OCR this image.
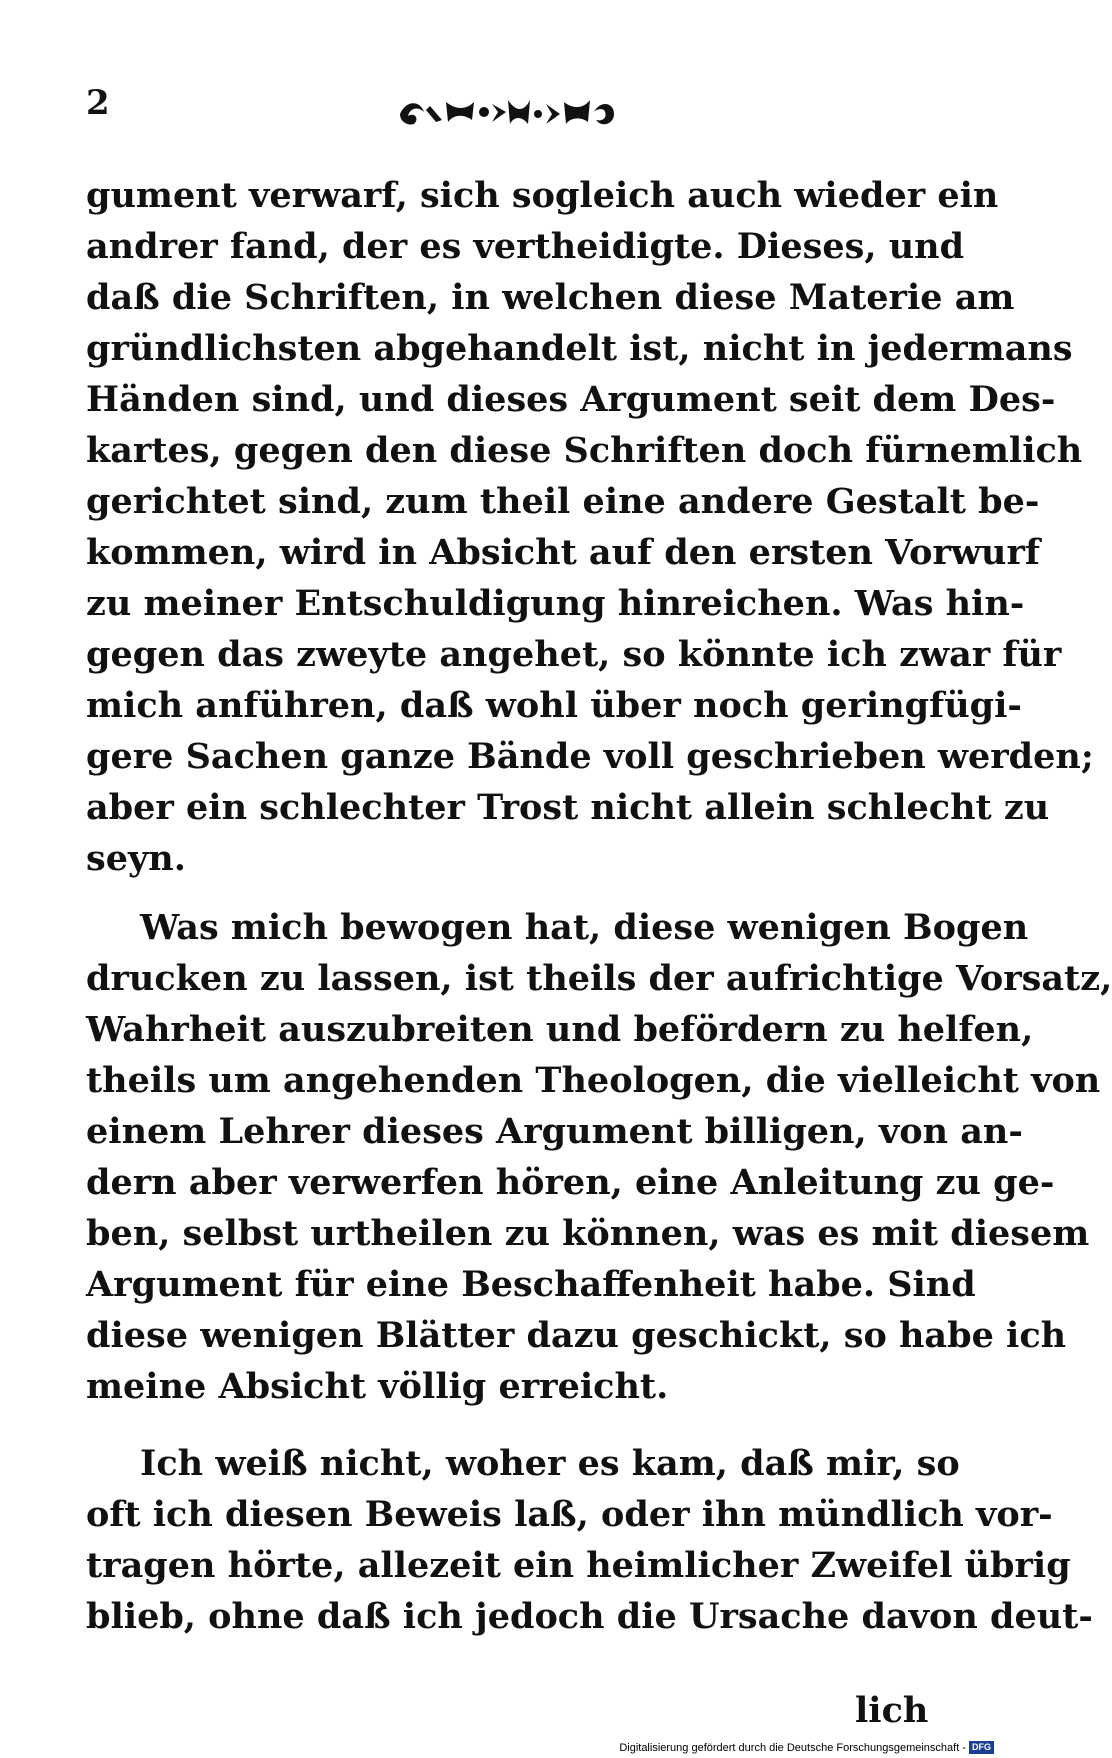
2
gument verwarf, sich sogleich auch wieder ein
andrer fand, der es vertheidigte. Dieses, und
daß die Schriften, in welchen diese Materie am
gründlichsten abgehandelt ist, nicht in jedermans
Händen sind, und dieses Argument seit dem Des-
kartes, gegen den diese Schriften doch fürnemlich
gerichtet sind, zum theil eine andere Gestalt be-
kommen, wird in Absicht auf den ersten Vorwurf
zu meiner Entschuldigung hinreichen. Was hin-
gegen das zweyte angehet, so könnte ich zwar für
mich anführen, daß wohl über noch geringfügi-
gere Sachen ganze Bände voll geschrieben werden;
aber ein schlechter Trost nicht allein schlecht zu
seyn.
Was mich bewogen hat, diese wenigen Bogen
drucken zu lassen, ist theils der aufrichtige Vorsatz,
Wahrheit auszubreiten und befördern zu helfen,
theils um angehenden Theologen, die vielleicht von
einem Lehrer dieses Argument billigen, von an-
dern aber verwerfen hören, eine Anleitung zu ge-
ben, selbst urtheilen zu können, was es mit diesem
Argument für eine Beschaffenheit habe. Sind
diese wenigen Blätter dazu geschickt, so habe ich
meine Absicht völlig erreicht.
Ich weiß nicht, woher es kam, daß mir, so
oft ich diesen Beweis laß, oder ihn mündlich vor-
tragen hörte, allezeit ein heimlicher Zweifel übrig
blieb, ohne daß ich jedoch die Ursache davon deut-
lich
Digitalisierung gefördert durch die Deutsche Forschungsgemeinschaft - DFG
